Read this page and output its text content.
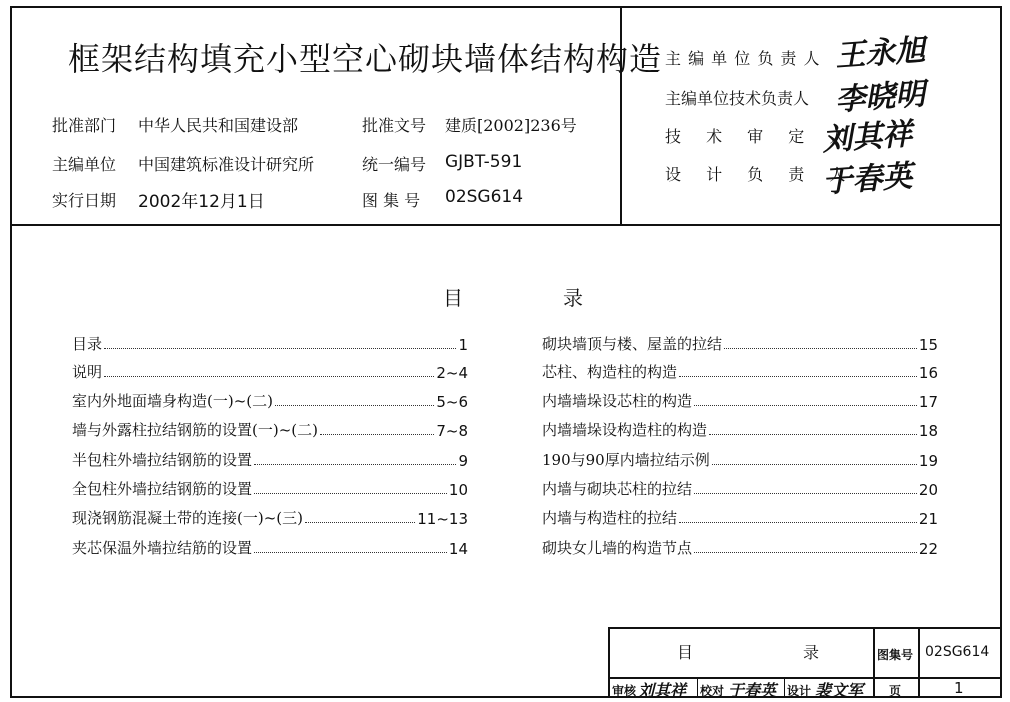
框架结构填充小型空心砌块墙体结构构造
批准部门 中华人民共和国建设部	批准文号 建质[2002]236号
主编单位 中国建筑标准设计研究所	统一编号 GJBT-591
实行日期 2002年12月1日	图 集 号 02SG614
主 编 单 位 负 责 人 王永旭
主编单位技术负责人 李晓明
技 术 审 定 人
刘其祥
设 计 负 责 人
于春英
目	录
目录	1
说明	2~4
室内外地面墙身构造(一)~(二)	5~6
墙与外露柱拉结钢筋的设置(一)~(二)	7~8
半包柱外墙拉结钢筋的设置	9
全包柱外墙拉结钢筋的设置	10
现浇钢筋混凝土带的连接(一)~(三)	11~13
夹芯保温外墙拉结筋的设置	14
砌块墙顶与楼、屋盖的拉结	15
芯柱、构造柱的构造	16
内墙墙垛设芯柱的构造	17
内墙墙垛设构造柱的构造	18
190与90厚内墙拉结示例	19
内墙与砌块芯柱的拉结	20
内墙与构造柱的拉结	21
砌块女儿墙的构造节点	22
目	录	图集号 02SG614
审核 刘其祥 校对 于春英 设计 裴文军 页	1
